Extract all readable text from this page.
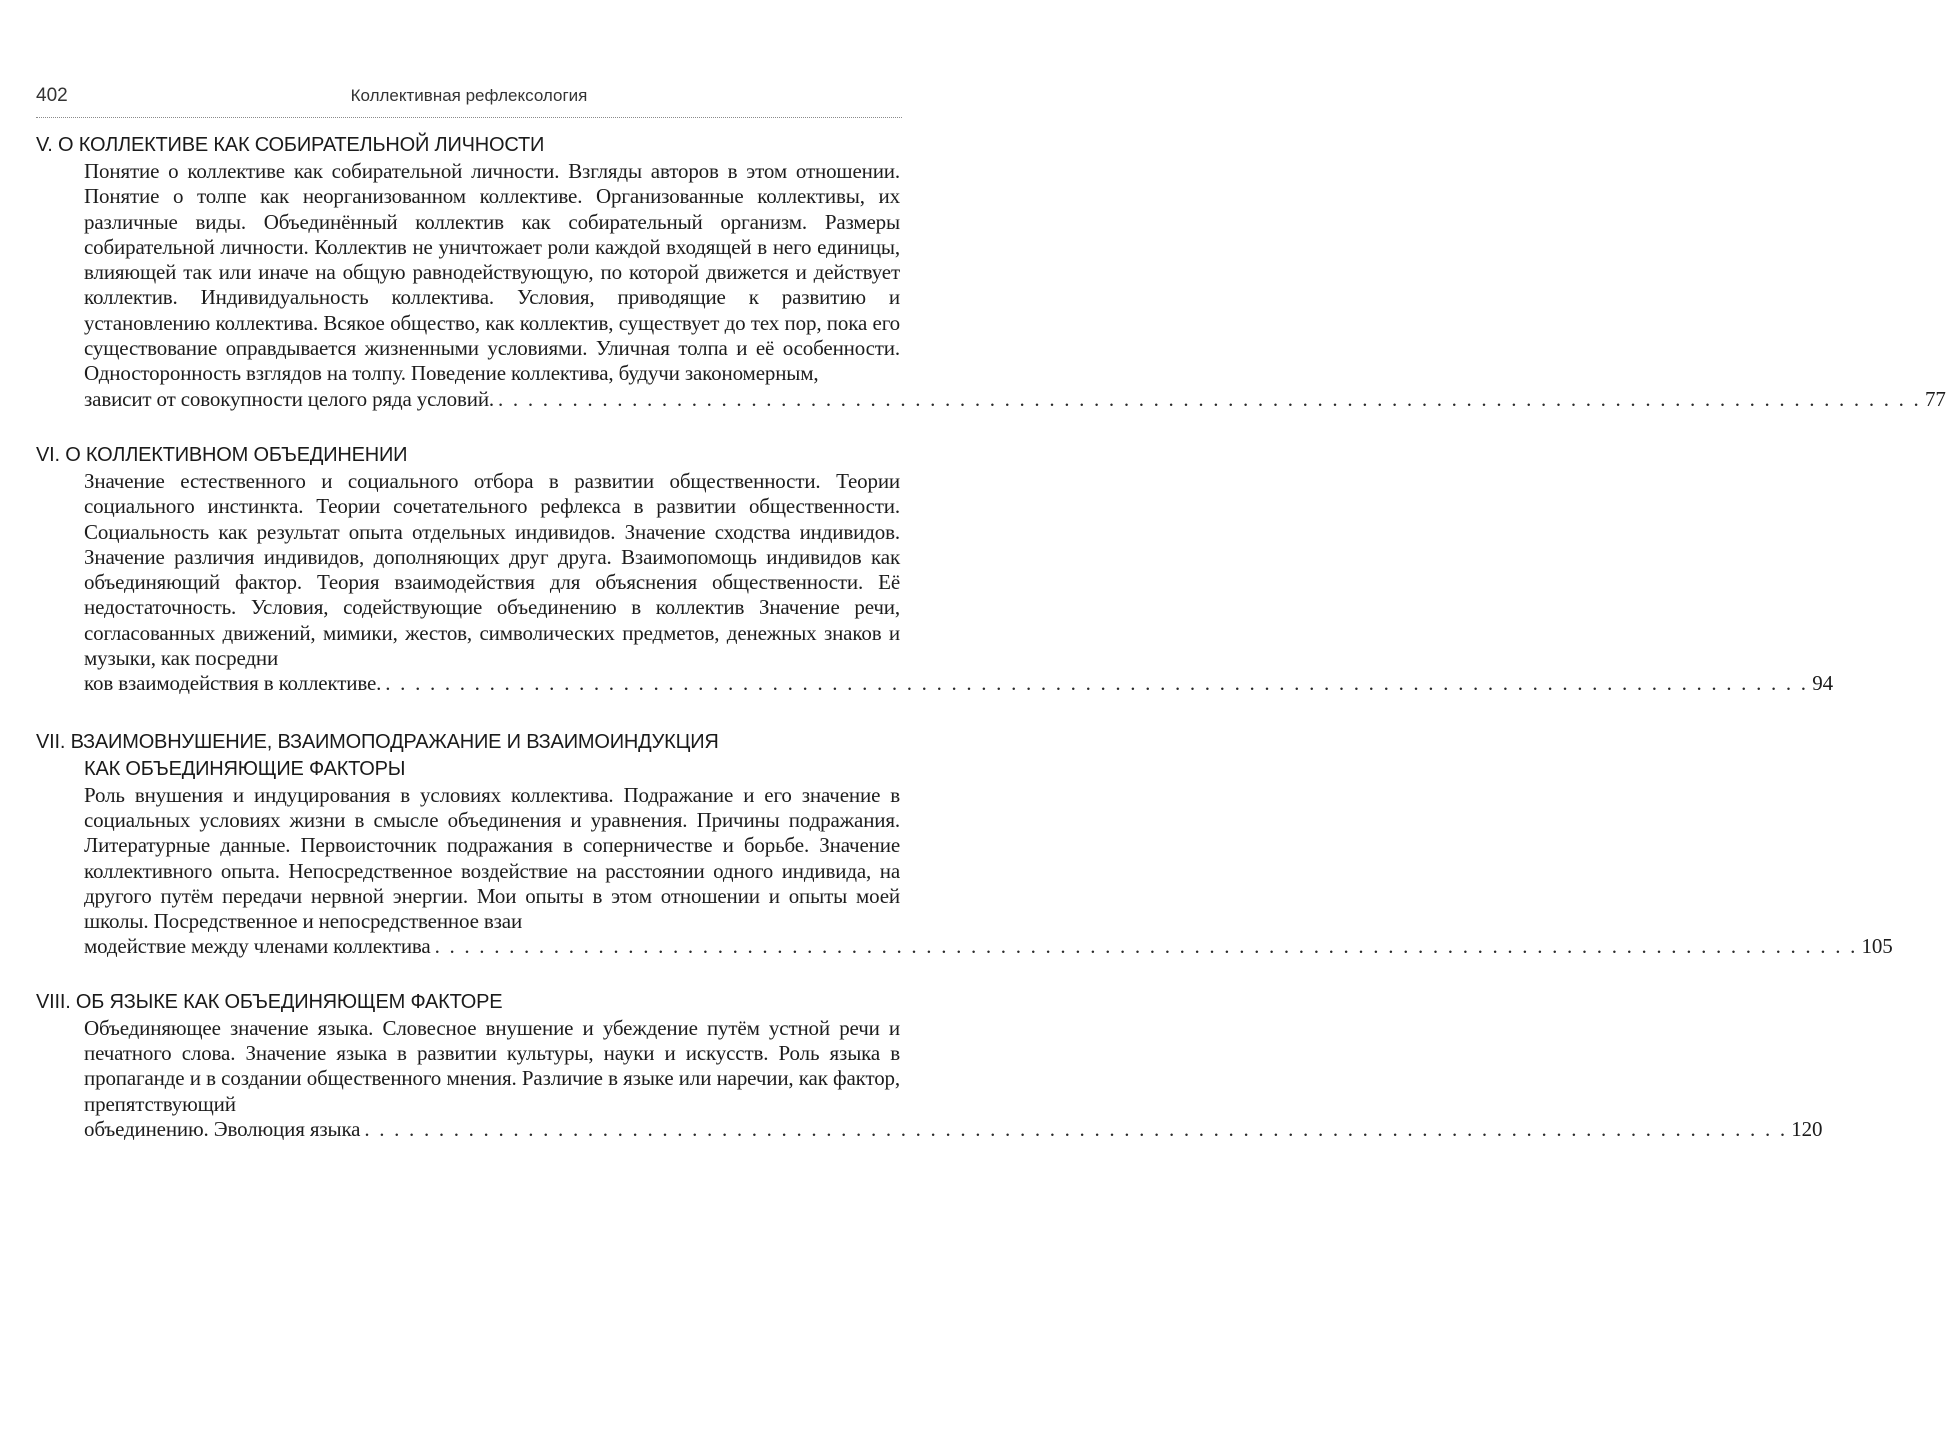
402	Коллективная рефлексология
V. О КОЛЛЕКТИВЕ КАК СОБИРАТЕЛЬНОЙ ЛИЧНОСТИ
Понятие о коллективе как собирательной личности. Взгляды авторов в этом отношении. Понятие о толпе как неорганизованном коллективе. Организованные коллективы, их различные виды. Объединённый коллектив как собирательный организм. Размеры собирательной личности. Коллектив не уничтожает роли каждой входящей в него единицы, влияющей так или иначе на общую равнодействующую, по которой движется и действует коллектив. Индивидуальность коллектива. Условия, приводящие к развитию и установлению коллектива. Всякое общество, как коллектив, существует до тех пор, пока его существование оправдывается жизненными условиями. Уличная толпа и её особенности. Односторонность взглядов на толпу. Поведение коллектива, будучи закономерным,
зависит от совокупности целого ряда условий. . . . . . . . . . . . . . . . . . . . . . . . . . . . . . . . . . . . . . . . . . . . . . . . . . . . . . . . . . . . . . . . . . . . . . . . . . . . . . . . . . . . . . . . . . . . . . . . . 77
VI. О КОЛЛЕКТИВНОМ ОБЪЕДИНЕНИИ
Значение естественного и социального отбора в развитии общественности. Теории социального инстинкта. Теории сочетательного рефлекса в развитии общественности. Социальность как результат опыта отдельных индивидов. Значение сходства индивидов. Значение различия индивидов, дополняющих друг друга. Взаимопомощь индивидов как объединяющий фактор. Теория взаимодействия для объяснения общественности. Её недостаточность. Условия, содействующие объединению в коллектив Значение речи, согласованных движений, мимики, жестов, символических предметов, денежных знаков и музыки, как посредни
ков взаимодействия в коллективе. . . . . . . . . . . . . . . . . . . . . . . . . . . . . . . . . . . . . . . . . . . . . . . . . . . . . . . . . . . . . . . . . . . . . . . . . . . . . . . . . . . . . . . . . . . . . . . . . 94
VII. ВЗАИМОВНУШЕНИЕ, ВЗАИМОПОДРАЖАНИЕ И ВЗАИМОИНДУКЦИЯ
КАК ОБЪЕДИНЯЮЩИЕ ФАКТОРЫ
Роль внушения и индуцирования в условиях коллектива. Подражание и его значение в социальных условиях жизни в смысле объединения и уравнения. Причины подражания. Литературные данные. Первоисточник подражания в соперничестве и борьбе. Значение коллективного опыта. Непосредственное воздействие на расстоянии одного индивида, на другого путём передачи нервной энергии. Мои опыты в этом отношении и опыты моей школы. Посредственное и непосредственное взаи
модействие между членами коллектива . . . . . . . . . . . . . . . . . . . . . . . . . . . . . . . . . . . . . . . . . . . . . . . . . . . . . . . . . . . . . . . . . . . . . . . . . . . . . . . . . . . . . . . . . . . . . . . . 105
VIII. ОБ ЯЗЫКЕ КАК ОБЪЕДИНЯЮЩЕМ ФАКТОРЕ
Объединяющее значение языка. Словесное внушение и убеждение путём устной речи и печатного слова. Значение языка в развитии культуры, науки и искусств. Роль языка в пропаганде и в создании общественного мнения. Различие в языке или наречии, как фактор, препятствующий
объединению. Эволюция языка . . . . . . . . . . . . . . . . . . . . . . . . . . . . . . . . . . . . . . . . . . . . . . . . . . . . . . . . . . . . . . . . . . . . . . . . . . . . . . . . . . . . . . . . . . . . . . . . 120
